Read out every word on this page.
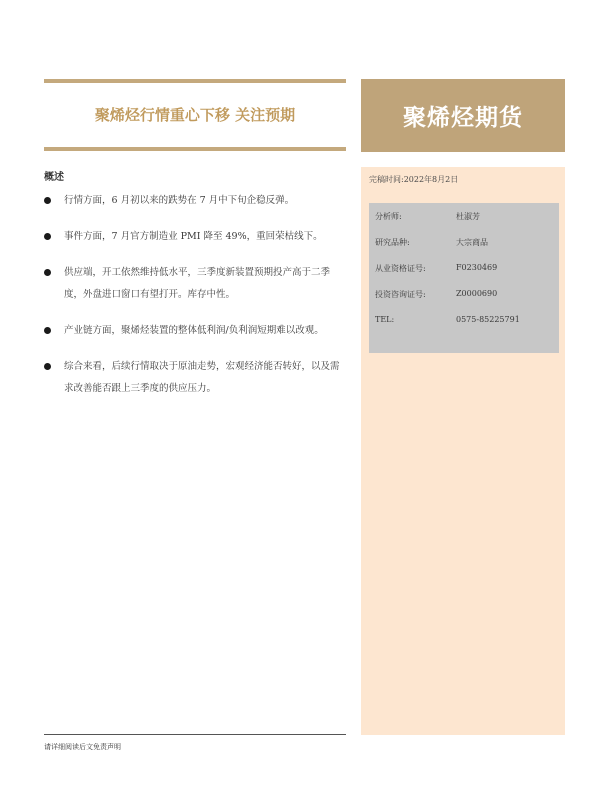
聚烯烃行情重心下移 关注预期	聚烯烃期货
概述
行情方面，6 月初以来的跌势在 7 月中下旬企稳反弹。
事件方面，7 月官方制造业 PMI 降至 49%，重回荣枯线下。
供应端，开工依然维持低水平，三季度新装置预期投产高于二季度，外盘进口窗口有望打开。库存中性。
产业链方面，聚烯烃装置的整体低利润/负利润短期难以改观。
综合来看，后续行情取决于原油走势，宏观经济能否转好，以及需求改善能否跟上三季度的供应压力。
完稿时间:2022年8月2日
分析师:	杜淑芳
研究品种:	大宗商品
从业资格证号:	F0230469
投资咨询证号:	Z0000690
TEL:	0575-85225791
请详细阅读后文免责声明
